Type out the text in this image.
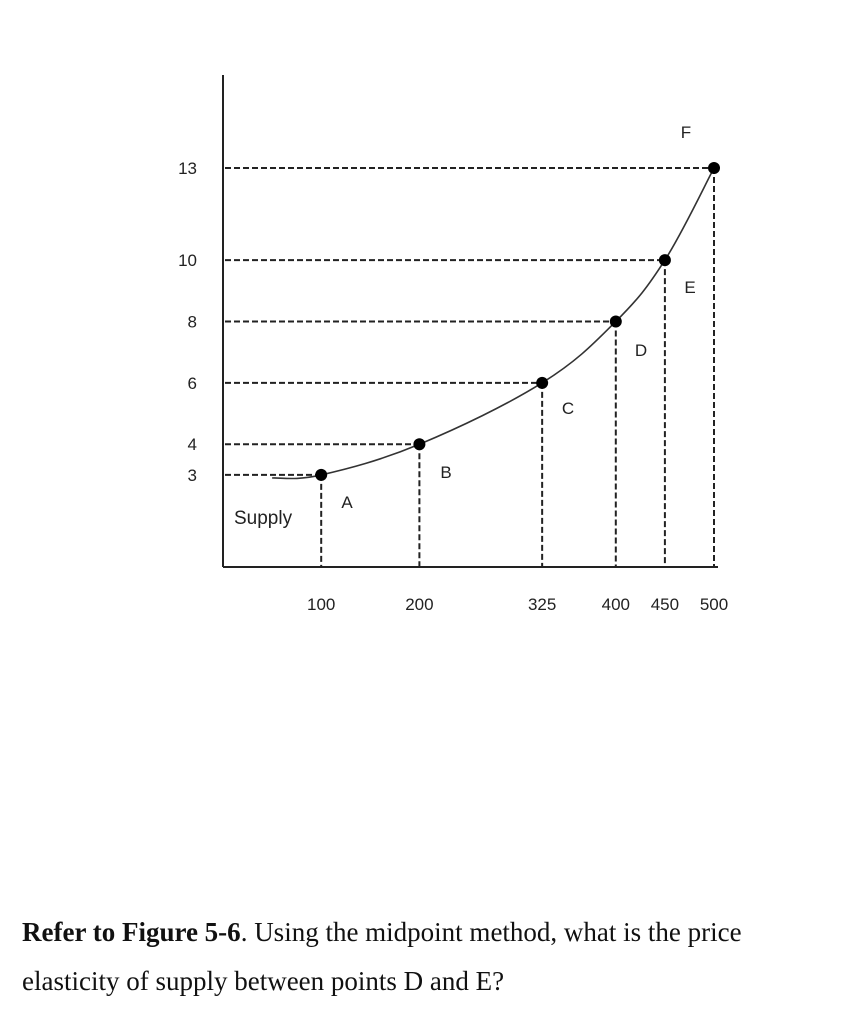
A
B
C
D
E
F
3
4
6
8
10
13
100	200	325	400 450 500
Supply

Refer to Figure 5-6. Using the midpoint method, what is the price elasticity of supply between points D and E?
